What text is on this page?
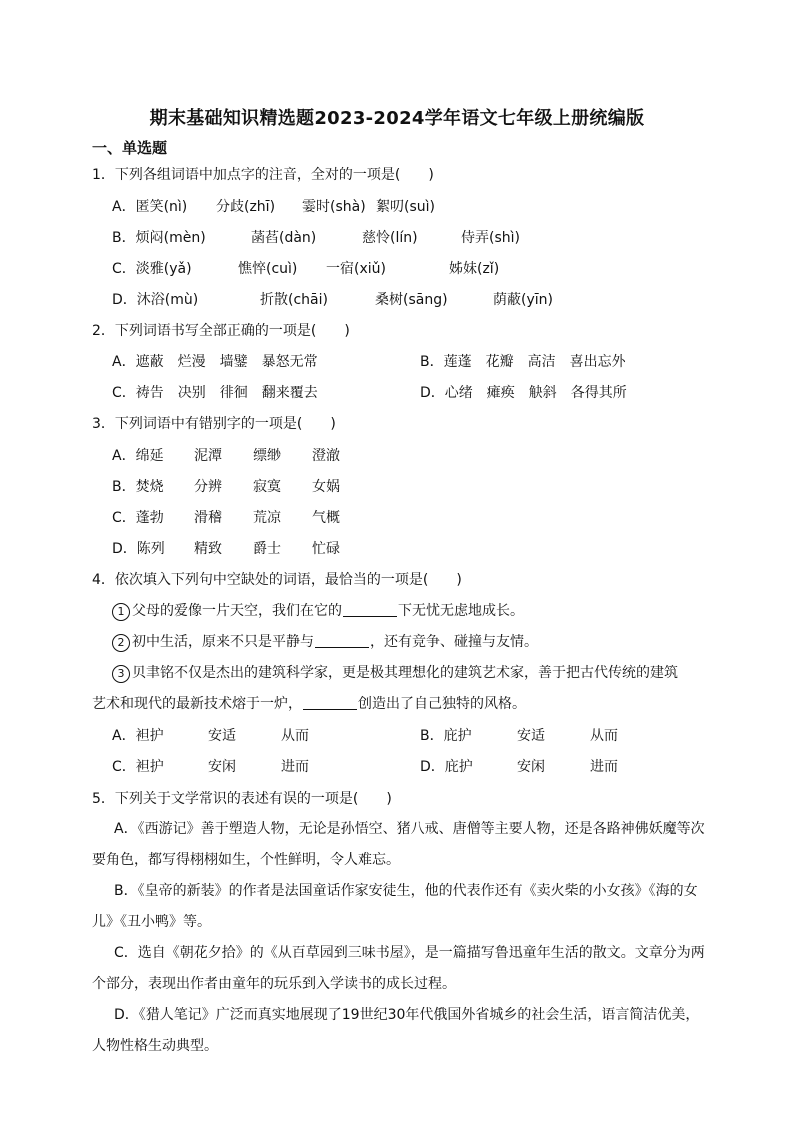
期末基础知识精选题2023-2024学年语文七年级上册统编版
一、单选题
1．下列各组词语中加点字的注音，全对的一项是(　　)
A．匿笑(nì) 分歧(zhī) 霎时(shà) 絮叨(suì)
B．烦闷(mèn)	菡萏(dàn)	慈怜(lín)	侍弄(shì)
C．淡雅(yǎ)	憔悴(cuì) 一宿(xiǔ)	姊妹(zǐ)
D．沐浴(mù)	折散(chāi)	桑树(sāng)	荫蔽(yīn)
2．下列词语书写全部正确的一项是(　　)
A．遮蔽　烂漫　墙鐾　暴怒无常	B．莲蓬　花瓣　高洁　喜出忘外
C．祷告　决别　徘徊　翻来覆去	D．心绪　瘫痪　觖斜　各得其所
3．下列词语中有错别字的一项是(　　)
A．绵延 泥潭 缥缈 澄澈
B．焚烧 分辨 寂寞 女娲
C．蓬勃 滑稽 荒凉 气概
D．陈列 精致 爵士 忙碌
4．依次填入下列句中空缺处的词语，最恰当的一项是(　　)
1 父母的爱像一片天空，我们在它的	下无忧无虑地成长。
2 初中生活，原来不只是平静与	，还有竞争、碰撞与友情。
3 贝聿铭不仅是杰出的建筑科学家，更是极其理想化的建筑艺术家，善于把古代传统的建筑
艺术和现代的最新技术熔于一炉，	创造出了自己独特的风格。
A．袒护	安适	从而	B．庇护	安适	从而
C．袒护	安闲	进而	D．庇护	安闲	进而
5．下列关于文学常识的表述有误的一项是(　　)
A．《西游记》善于塑造人物，无论是孙悟空、猪八戒、唐僧等主要人物，还是各路神佛妖魔等次要角色，都写得栩栩如生，个性鲜明，令人难忘。
B．《皇帝的新装》的作者是法国童话作家安徒生，他的代表作还有《卖火柴的小女孩》《海的女儿》《丑小鸭》等。
C．选自《朝花夕拾》的《从百草园到三味书屋》，是一篇描写鲁迅童年生活的散文。文章分为两个部分，表现出作者由童年的玩乐到入学读书的成长过程。
D．《猎人笔记》广泛而真实地展现了19世纪30年代俄国外省城乡的社会生活，语言简洁优美，人物性格生动典型。
